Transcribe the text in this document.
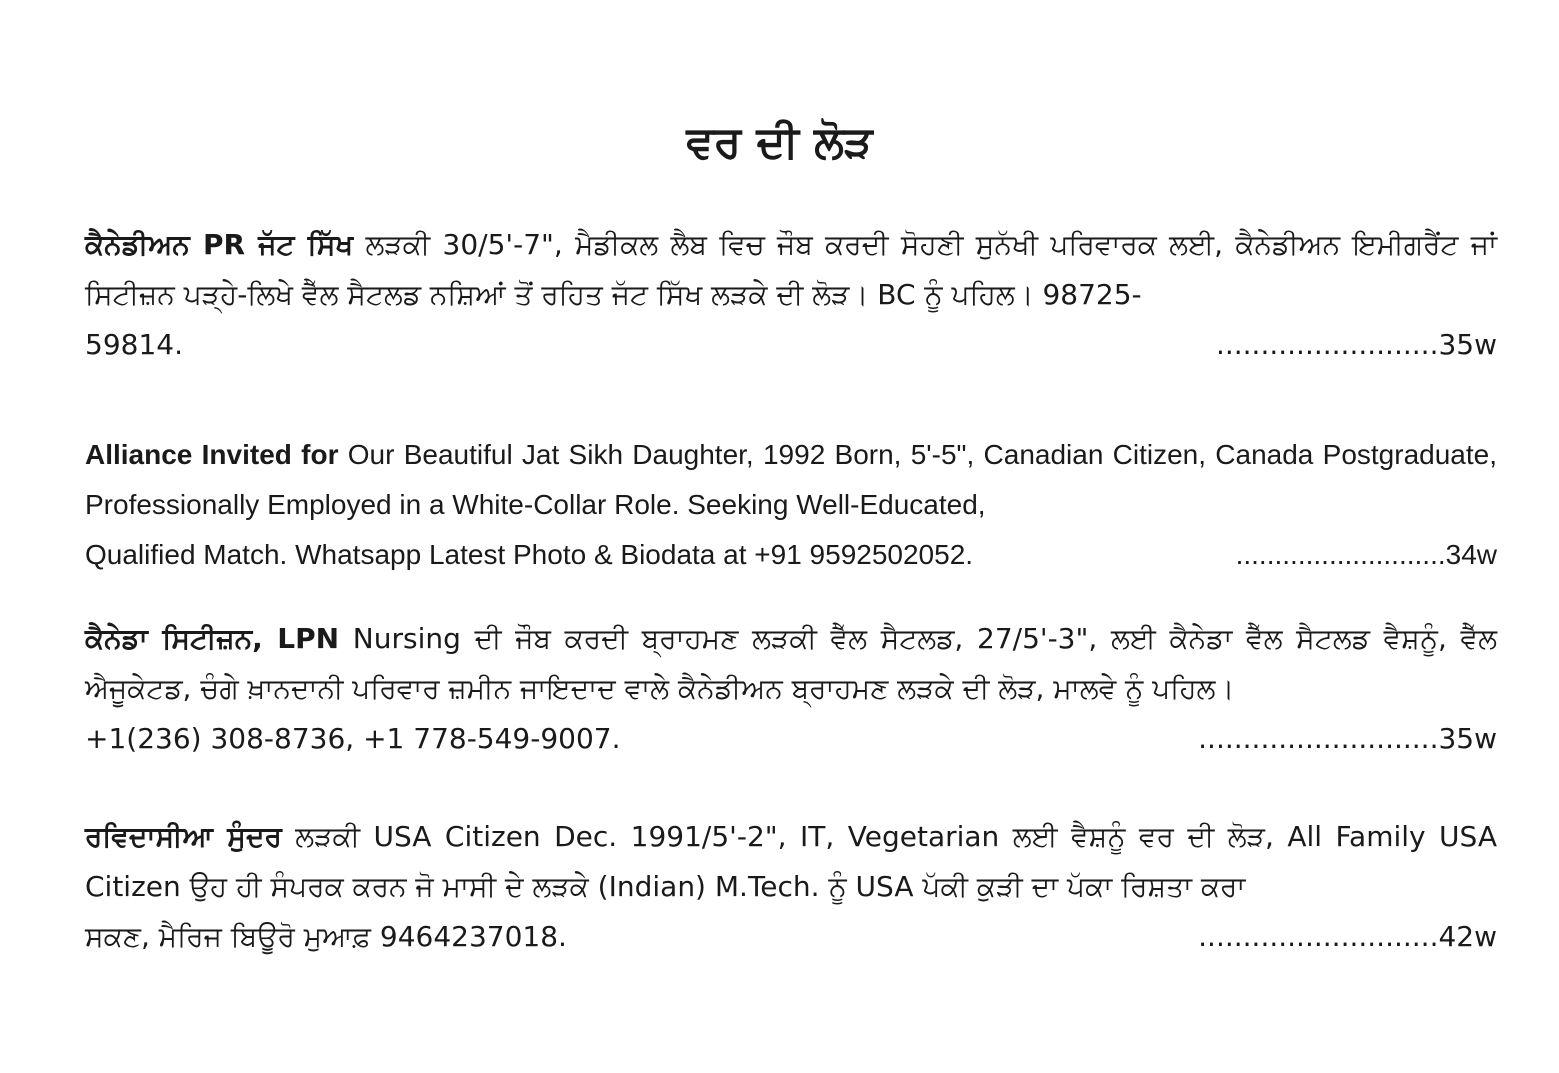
ਵਰ ਦੀ ਲੋੜ
ਕੈਨੇਡੀਅਨ PR ਜੱਟ ਸਿੱਖ ਲੜਕੀ 30/5'-7", ਮੈਡੀਕਲ ਲੈਬ ਵਿਚ ਜੌਬ ਕਰਦੀ ਸੋਹਣੀ ਸੁਨੱਖੀ ਪਰਿਵਾਰਕ ਲਈ, ਕੈਨੇਡੀਅਨ ਇਮੀਗਰੈਂਟ ਜਾਂ ਸਿਟੀਜ਼ਨ ਪੜ੍ਹੇ-ਲਿਖੇ ਵੈੱਲ ਸੈਟਲਡ ਨਸ਼ਿਆਂ ਤੋਂ ਰਹਿਤ ਜੱਟ ਸਿੱਖ ਲੜਕੇ ਦੀ ਲੋੜ। BC ਨੂੰ ਪਹਿਲ। 98725-
59814.	.........................35w
Alliance Invited for Our Beautiful Jat Sikh Daughter, 1992 Born, 5'-5", Canadian Citizen, Canada Postgraduate, Professionally Employed in a White-Collar Role. Seeking Well-Educated,
Qualified Match. Whatsapp Latest Photo & Biodata at +91 9592502052.	...........................34w
ਕੈਨੇਡਾ ਸਿਟੀਜ਼ਨ, LPN Nursing ਦੀ ਜੌਬ ਕਰਦੀ ਬ੍ਰਾਹਮਣ ਲੜਕੀ ਵੈੱਲ ਸੈਟਲਡ, 27/5'-3", ਲਈ ਕੈਨੇਡਾ ਵੈੱਲ ਸੈਟਲਡ ਵੈਸ਼ਨੂੰ, ਵੈੱਲ ਐਜੂਕੇਟਡ, ਚੰਗੇ ਖ਼ਾਨਦਾਨੀ ਪਰਿਵਾਰ ਜ਼ਮੀਨ ਜਾਇਦਾਦ ਵਾਲੇ ਕੈਨੇਡੀਅਨ ਬ੍ਰਾਹਮਣ ਲੜਕੇ ਦੀ ਲੋੜ, ਮਾਲਵੇ ਨੂੰ ਪਹਿਲ।
+1(236) 308-8736, +1 778-549-9007.	...........................35w
ਰਵਿਦਾਸੀਆ ਸੁੰਦਰ ਲੜਕੀ USA Citizen Dec. 1991/5'-2", IT, Vegetarian ਲਈ ਵੈਸ਼ਨੂੰ ਵਰ ਦੀ ਲੋੜ, All Family USA Citizen ਉਹ ਹੀ ਸੰਪਰਕ ਕਰਨ ਜੋ ਮਾਸੀ ਦੇ ਲੜਕੇ (Indian) M.Tech. ਨੂੰ USA ਪੱਕੀ ਕੁੜੀ ਦਾ ਪੱਕਾ ਰਿਸ਼ਤਾ ਕਰਾ
ਸਕਣ, ਮੈਰਿਜ ਬਿਊਰੋ ਮੁਆਫ਼ 9464237018.	...........................42w
